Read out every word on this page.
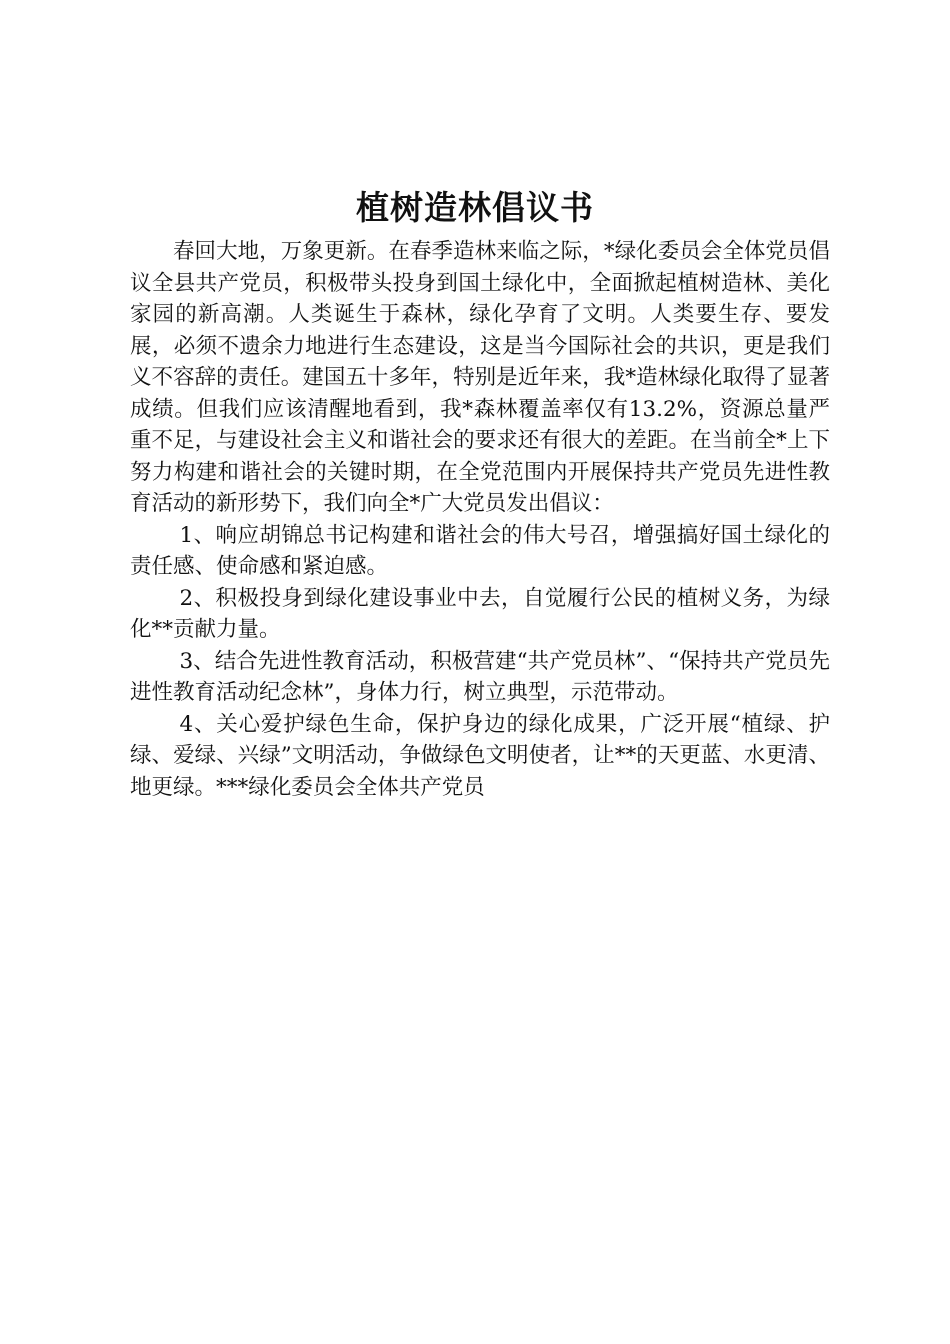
植树造林倡议书

春回大地，万象更新。在春季造林来临之际，*绿化委员会全体党员倡议全县共产党员，积极带头投身到国土绿化中，全面掀起植树造林、美化家园的新高潮。人类诞生于森林，绿化孕育了文明。人类要生存、要发展，必须不遗余力地进行生态建设，这是当今国际社会的共识，更是我们义不容辞的责任。建国五十多年，特别是近年来，我*造林绿化取得了显著成绩。但我们应该清醒地看到，我*森林覆盖率仅有13.2%，资源总量严重不足，与建设社会主义和谐社会的要求还有很大的差距。在当前全*上下努力构建和谐社会的关键时期，在全党范围内开展保持共产党员先进性教育活动的新形势下，我们向全*广大党员发出倡议：

1、响应胡锦总书记构建和谐社会的伟大号召，增强搞好国土绿化的责任感、使命感和紧迫感。

2、积极投身到绿化建设事业中去，自觉履行公民的植树义务，为绿化**贡献力量。

3、结合先进性教育活动，积极营建“共产党员林”、“保持共产党员先进性教育活动纪念林”，身体力行，树立典型，示范带动。

4、关心爱护绿色生命，保护身边的绿化成果，广泛开展“植绿、护绿、爱绿、兴绿”文明活动，争做绿色文明使者，让**的天更蓝、水更清、地更绿。***绿化委员会全体共产党员
